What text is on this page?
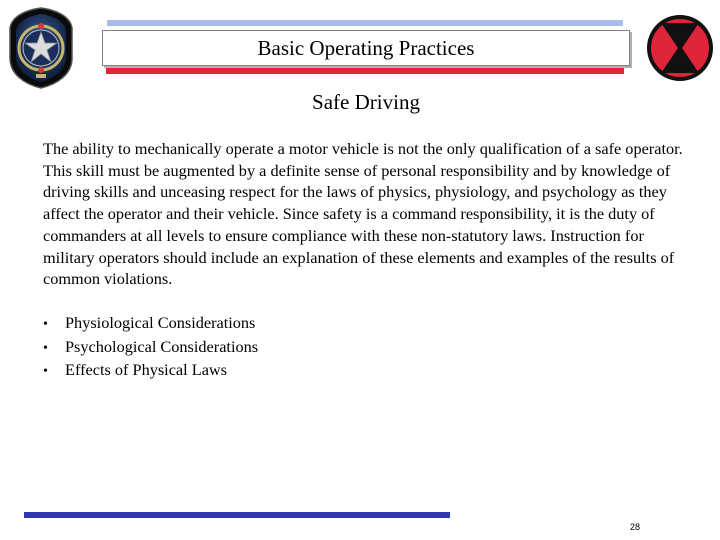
Basic Operating Practices
Safe Driving

The ability to mechanically operate a motor vehicle is not the only qualification of a safe operator. This skill must be augmented by a definite sense of personal responsibility and by knowledge of driving skills and unceasing respect for the laws of physics, physiology, and psychology as they affect the operator and their vehicle. Since safety is a command responsibility, it is the duty of commanders at all levels to ensure compliance with these non-statutory laws. Instruction for military operators should include an explanation of these elements and examples of the results of common violations.

•	Physiological Considerations
•	Psychological Considerations
•	Effects of Physical Laws
28
